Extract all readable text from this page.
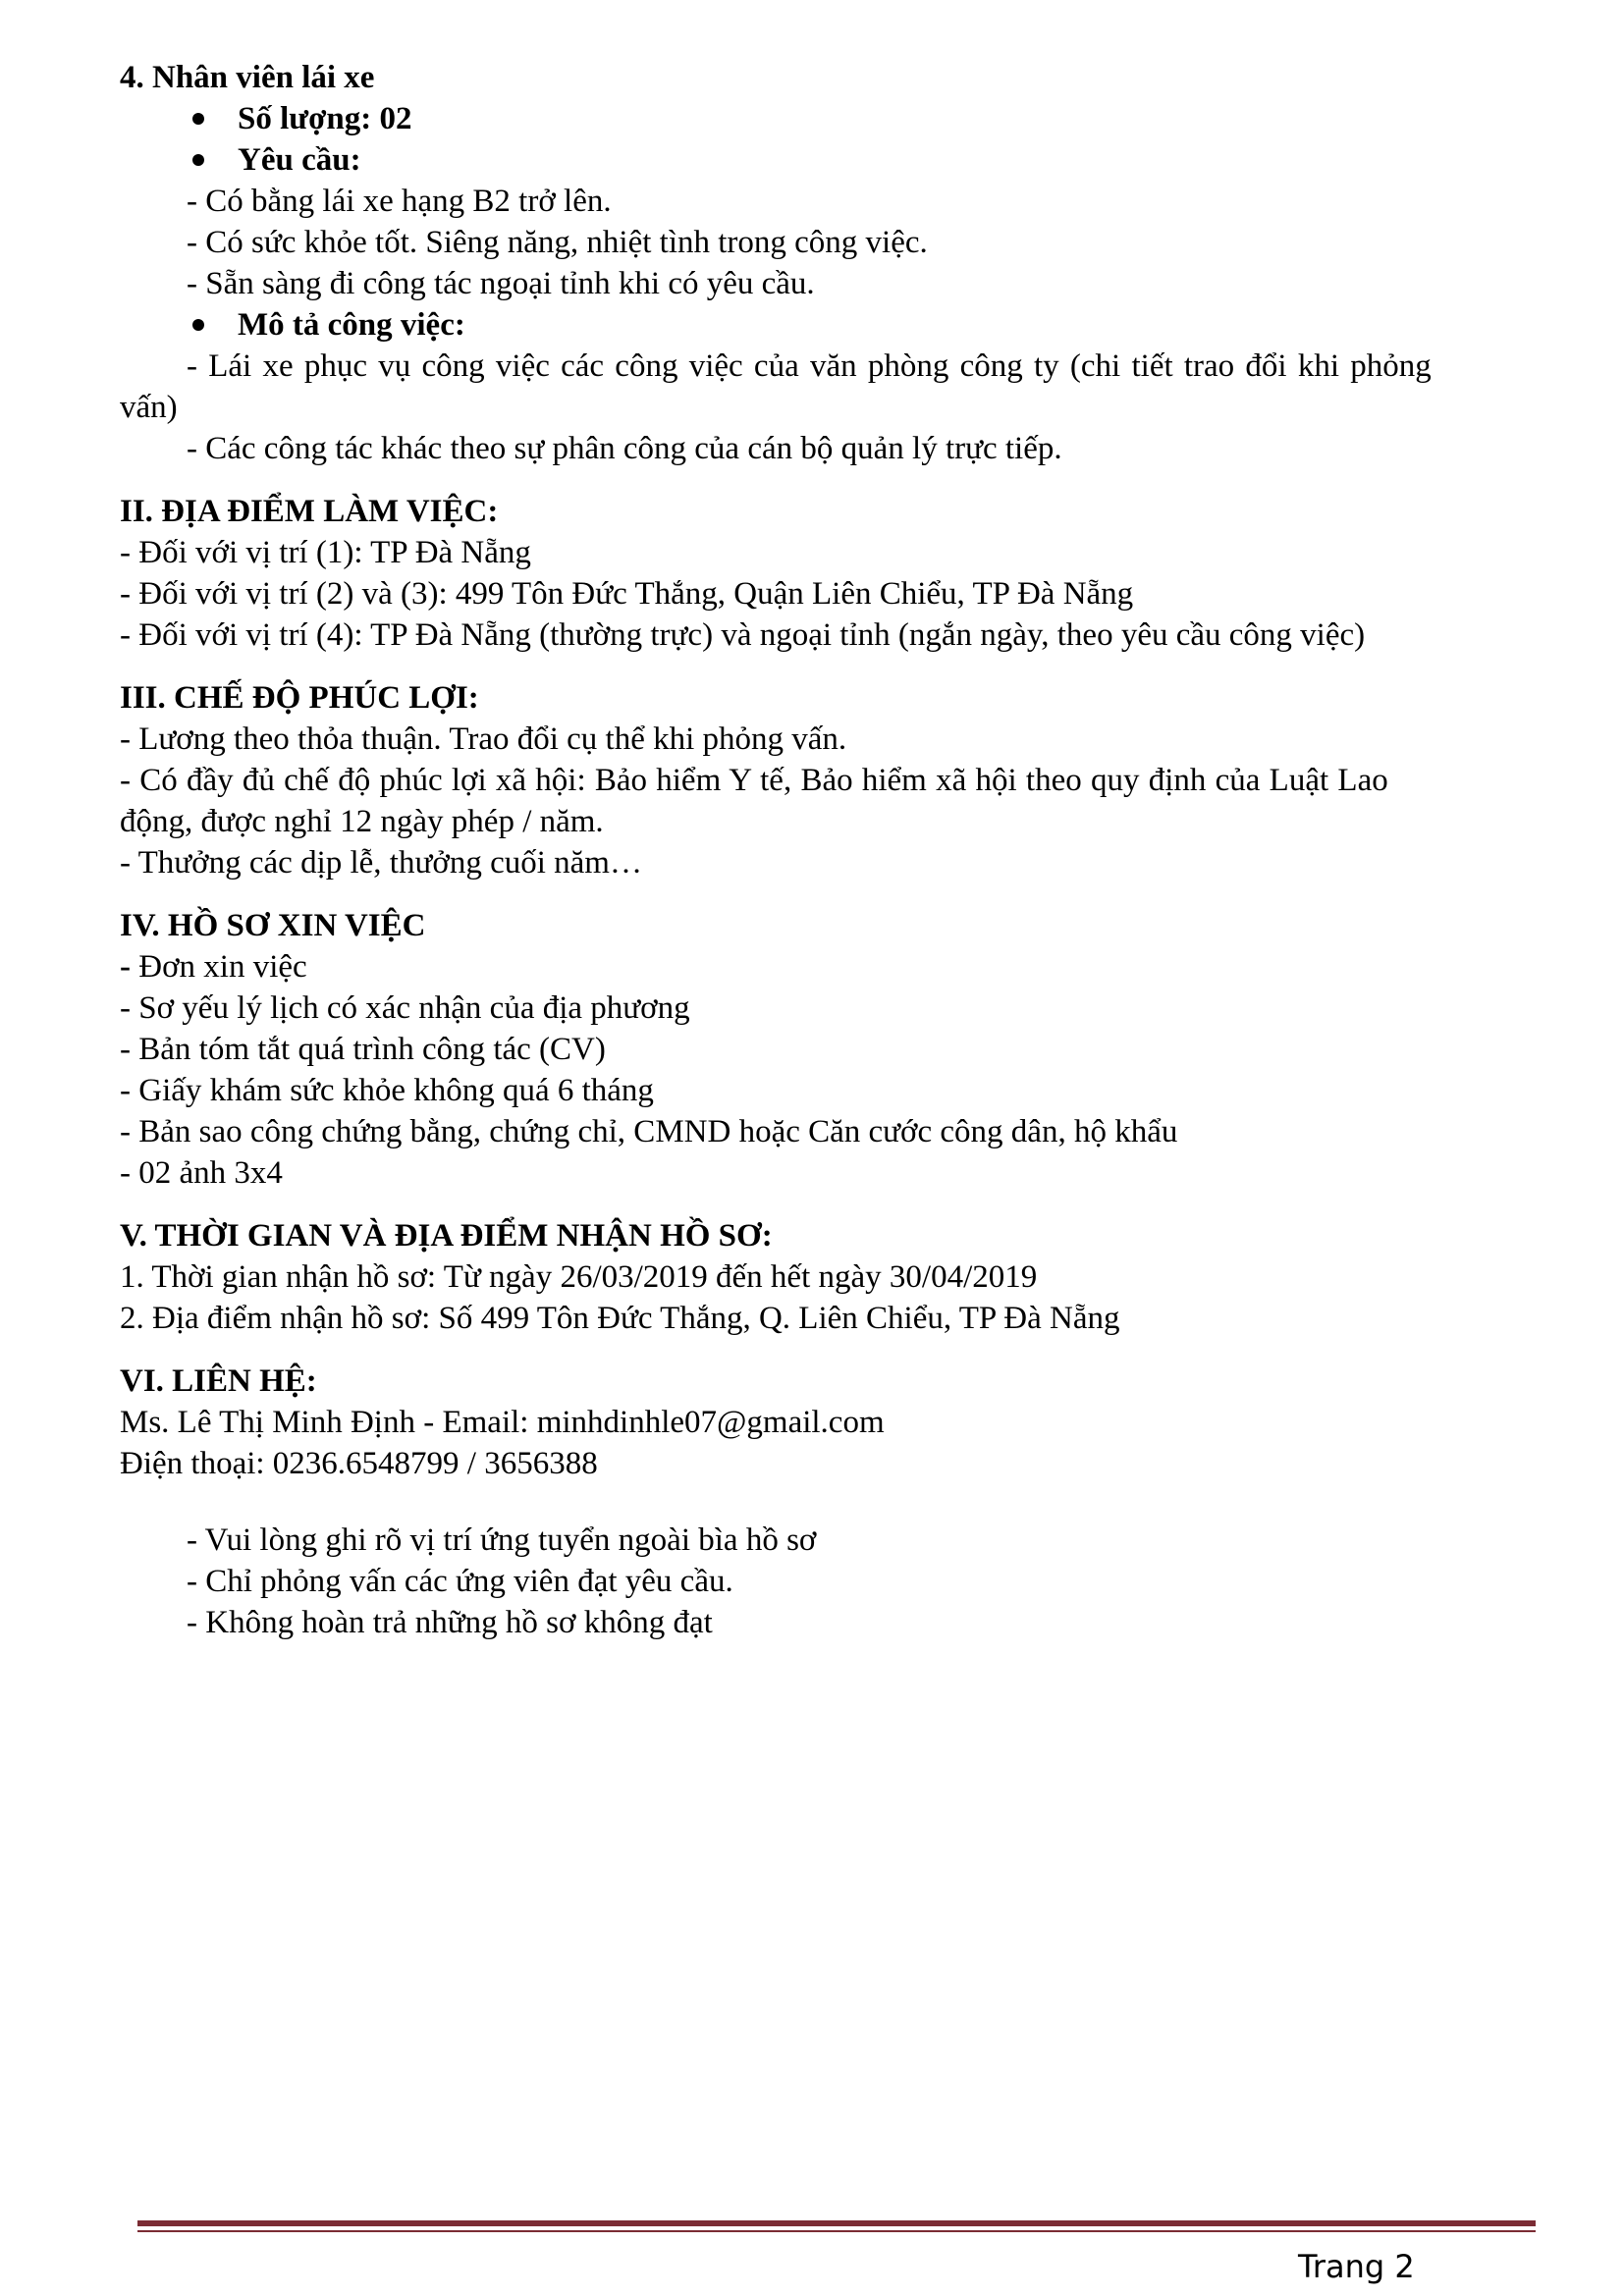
4. Nhân viên lái xe

Số lượng: 02

Yêu cầu:

- Có bằng lái xe hạng B2 trở lên.

- Có sức khỏe tốt. Siêng năng, nhiệt tình trong công việc.

- Sẵn sàng đi công tác ngoại tỉnh khi có yêu cầu.

Mô tả công việc:

- Lái xe phục vụ công việc các công việc của văn phòng công ty (chi tiết trao đổi khi phỏng

vấn)

- Các công tác khác theo sự phân công của cán bộ quản lý trực tiếp.

II. ĐỊA ĐIỂM LÀM VIỆC:

- Đối với vị trí (1): TP Đà Nẵng

- Đối với vị trí (2) và (3): 499 Tôn Đức Thắng, Quận Liên Chiểu, TP Đà Nẵng

- Đối với vị trí (4): TP Đà Nẵng (thường trực) và ngoại tỉnh (ngắn ngày, theo yêu cầu công việc)

III. CHẾ ĐỘ PHÚC LỢI:

- Lương theo thỏa thuận. Trao đổi cụ thể khi phỏng vấn.

- Có đầy đủ chế độ phúc lợi xã hội: Bảo hiểm Y tế, Bảo hiểm xã hội theo quy định của Luật Lao

động, được nghỉ 12 ngày phép / năm.

- Thưởng các dịp lễ, thưởng cuối năm…

IV. HỒ SƠ XIN VIỆC

- Đơn xin việc

- Sơ yếu lý lịch có xác nhận của địa phương

- Bản tóm tắt quá trình công tác (CV)

- Giấy khám sức khỏe không quá 6 tháng

- Bản sao công chứng bằng, chứng chỉ, CMND hoặc Căn cước công dân, hộ khẩu

- 02 ảnh 3x4

V. THỜI GIAN VÀ ĐỊA ĐIỂM NHẬN HỒ SƠ:

1. Thời gian nhận hồ sơ: Từ ngày 26/03/2019 đến hết ngày 30/04/2019

2. Địa điểm nhận hồ sơ: Số 499 Tôn Đức Thắng, Q. Liên Chiểu, TP Đà Nẵng

VI. LIÊN HỆ:

Ms. Lê Thị Minh Định - Email: minhdinhle07@gmail.com

Điện thoại: 0236.6548799 / 3656388

- Vui lòng ghi rõ vị trí ứng tuyển ngoài bìa hồ sơ

- Chỉ phỏng vấn các ứng viên đạt yêu cầu.

- Không hoàn trả những hồ sơ không đạt

Trang 2
